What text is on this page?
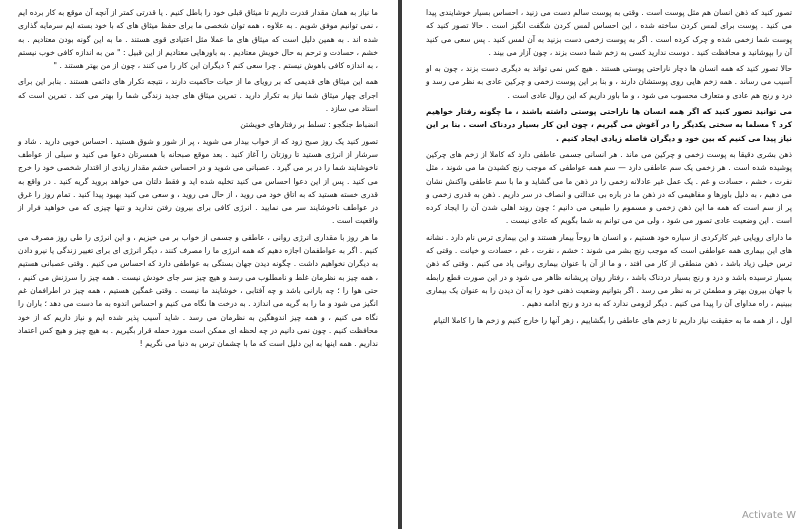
ما نیاز به همان مقدار قدرت داریم تا میثاق قبلی خود را باطل کنیم . یا قدرتی کمتر از آنچه آن موقع به کار برده ایم ، نمی توانیم موفق شویم . به علاوه ، همه توان شخصی ما برای حفظ میثاق های که با خود بسته ایم سرمایه گذاری شده اند . به همین دلیل است که میثاق های ما عملا مثل اعتیادی قوی هستند . ما به این گونه بودن معتادیم . به خشم ، حسادت و ترحم به حال خویش معتادیم . به باورهایی معتادیم از این قبیل : " من به اندازه کافی خوب نیستم ، به اندازه کافی باهوش نیستم . چرا سعی کنم ؟ دیگران این کار را می کنند ، چون از من بهتر هستند . "

همه این میثاق های قدیمی که بر رویای ما از حیات حاکمیت دارند ، نتیجه تکرار های دائمی هستند . بنابر این برای اجرای چهار میثاق شما نیاز به تکرار دارید . تمرین میثاق های جدید زندگی شما را بهتر می کند . تمرین است که استاد می سازد .

انضباط جنگجو : تسلط بر رفتارهای خویشتن

تصور کنید یک روز صبح زود که از خواب بیدار می شوید ، پر از شور و شوق هستید . احساس خوبی دارید . شاد و سرشار از انرژی هستید تا روزتان را آغاز کنید . بعد موقع صبحانه با همسرتان دعوا می کنید و سیلی از عواطف ناخوشایند شما را در بر می گیرد . عصبانی می شوید و در احساس خشم مقدار زیادی از اقتدار شخصی خود را خرج می کنید . پس از این دعوا احساس می کنید تخلیه شده اید و فقط دلتان می خواهد بروید گریه کنید . در واقع به قدری خسته هستید که به اتاق خود می روید ، از حال می روید ، و سعی می کنید بهبود پیدا کنید . تمام روز را غرق در عواطف ناخوشایند سر می نمایید . انرژی کافی برای بیرون رفتن ندارید و تنها چیزی که می خواهید فرار از واقعیت است .

ما هر روز با مقداری انرژی روانی ، عاطفی و جسمی از خواب بر می خیزیم ، و این انرژی را طی روز مصرف می کنیم . اگر به عواطفمان اجازه دهیم که همه انرژی ما را مصرف کنند ، دیگر انرژی ای برای تغییر زندگی یا نیرو دادن به دیگران نخواهیم داشت . چگونه دیدن جهان بستگی به عواطفی دارد که احساس می کنیم . وقتی عصبانی هستیم ، همه چیز به نظرمان غلط و نامطلوب می رسد و هیچ چیز سر جای خودش نیست . همه چیز را سرزنش می کنیم ، حتی هوا را ؛ چه بارانی باشد و چه آفتابی ، خوشایند ما نیست . وقتی غمگین هستیم ، همه چیز در اطرافمان غم انگیز می شود و ما را به گریه می اندازد . به درخت ها نگاه می کنیم و احساس اندوه به ما دست می دهد ؛ باران را نگاه می کنیم ، و همه چیز اندوهگین به نظرمان می رسد . شاید آسیب پذیر شده ایم و نیاز داریم که از خود محافظت کنیم . چون نمی دانیم در چه لحظه ای ممکن است مورد حمله قرار بگیریم . به هیچ چیز و هیچ کس اعتماد نداریم . همه اینها به این دلیل است که ما با چشمان ترس به دنیا می نگریم !

تصور کنید که ذهن انسان هم مثل پوست است . وقتی به پوست سالم دست می زنید ، احساس بسیار خوشایندی پیدا می کنید . پوست برای لمس کردن ساخته شده ، این احساس لمس کردن شگفت انگیز است . حالا تصور کنید که پوست شما زخمی شده و چرک کرده است . اگر به پوست زخمی دست بزنید به آن لمس کنید . پس سعی می کنید آن را بپوشانید و محافظت کنید . دوست ندارید کسی به زخم شما دست بزند ، چون آزار می بیند .

حالا تصور کنید که همه انسان ها دچار ناراحتی پوستی هستند . هیچ کس نمی تواند به دیگری دست بزند ، چون به او آسیب می رساند . همه زخم هایی روی پوستشان دارند ، و بنا بر این پوست زخمی و چرکین عادی به نظر می رسد و درد و رنج هم عادی و متعارف محسوب می شود ، و ما باور داریم که این روال عادی است .

می توانید تصور کنید که اگر همه انسان ها ناراحتی پوستی داشته باشند ، ما چگونه رفتار خواهیم کرد ؟ مسلما به سختی یکدیگر را در آغوش می گیریم ، چون این کار بسیار دردناک است . بنا بر این نیاز پیدا می کنیم که بین خود و دیگران فاصله زیادی ایجاد کنیم .

ذهن بشری دقیقا به پوست زخمی و چرکین می ماند . هر انسانی جسمی عاطفی دارد که کاملا از زخم های چرکین پوشیده شده است . هر زخمی یک سم عاطفی دارد — سم همه عواطفی که موجب رنج کشیدن ما می شوند ، مثل نفرت ، خشم ، حسادت و غم . یک عمل غیر عادلانه زخمی را در ذهن ما می گشاید و ما با سم عاطفی واکنش نشان می دهیم ، به دلیل باورها و مفاهیمی که در ذهن ما در باره بی عدالتی و انصاف در سر داریم . ذهن به قدری زخمی و پر از سم است که همه ما این ذهن زخمی و مسموم را طبیعی می دانیم ؛ چون روند اهلی شدن آن را ایجاد کرده است . این وضعیت عادی تصور می شود ، ولی من می توانم به شما بگویم که عادی نیست .

ما دارای رویایی غیر کارکردی از سیاره خود هستیم ، و انسان ها روحاً بیمار هستند و این بیماری ترس نام دارد . نشانه های این بیماری همه عواطفی است که موجب رنج بشر می شوند : خشم ، نفرت ، غم ، حسادت و خیانت . وقتی که ترس خیلی زیاد باشد ، ذهن منطقی از کار می افتد ، و ما از آن با عنوان بیماری روانی یاد می کنیم . وقتی که ذهن بسیار ترسیده باشد و درد و رنج بسیار دردناک باشد ، رفتار روان پریشانه ظاهر می شود و در این صورت قطع رابطه با جهان بیرون بهتر و مطمئن تر به نظر می رسد . اگر بتوانیم وضعیت ذهنی خود را به آن دیدن را به عنوان یک بیماری ببینیم ، راه مداوای آن را پیدا می کنیم . دیگر لزومی ندارد که به درد و رنج ادامه دهیم .

اول ، از همه ما به حقیقت نیاز داریم تا زخم های عاطفی را بگشاییم ، زهر آنها را خارج کنیم و زخم ها را کاملا التیام

Activate W
